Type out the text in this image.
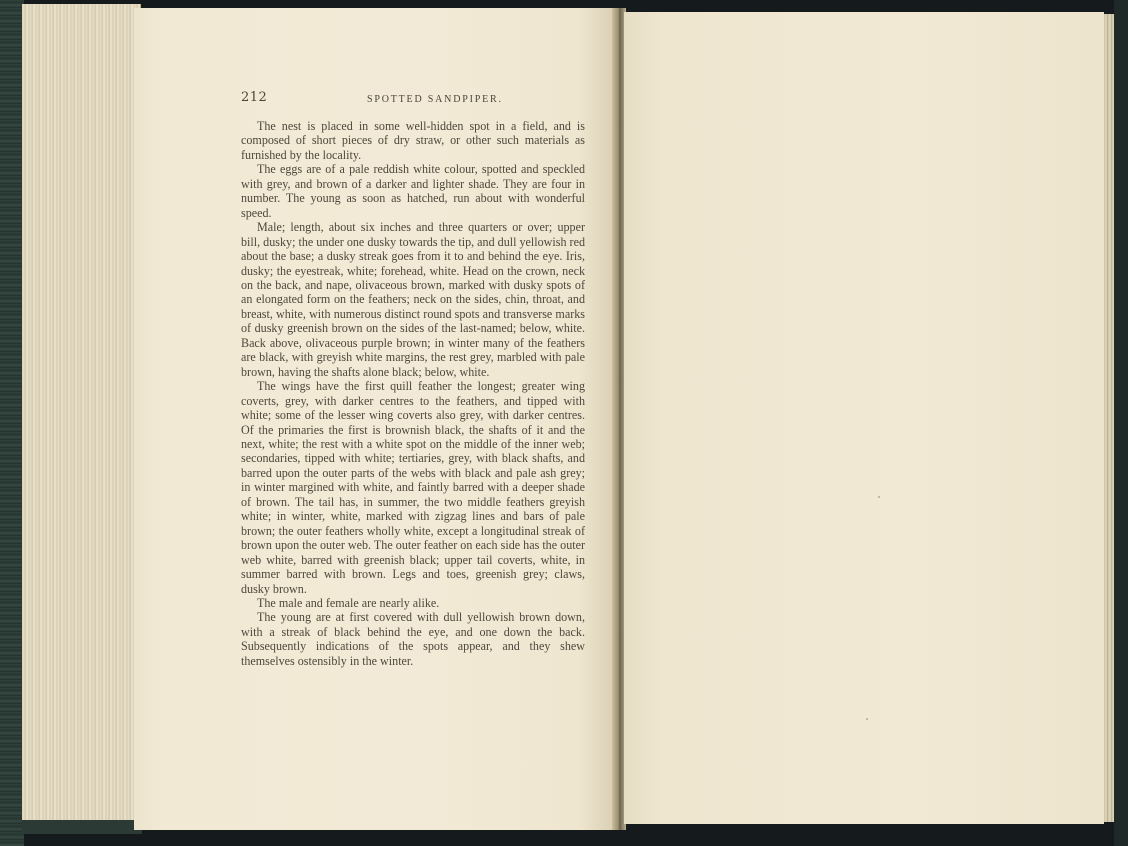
212	SPOTTED SANDPIPER.

The nest is placed in some well-hidden spot in a field, and is composed of short pieces of dry straw, or other such materials as furnished by the locality.

The eggs are of a pale reddish white colour, spotted and speckled with grey, and brown of a darker and lighter shade. They are four in number. The young as soon as hatched, run about with wonderful speed.

Male; length, about six inches and three quarters or over; upper bill, dusky; the under one dusky towards the tip, and dull yellowish red about the base; a dusky streak goes from it to and behind the eye. Iris, dusky; the eyestreak, white; forehead, white. Head on the crown, neck on the back, and nape, olivaceous brown, marked with dusky spots of an elongated form on the feathers; neck on the sides, chin, throat, and breast, white, with numerous distinct round spots and transverse marks of dusky greenish brown on the sides of the last-named; below, white. Back above, olivaceous purple brown; in winter many of the feathers are black, with greyish white margins, the rest grey, marbled with pale brown, having the shafts alone black; below, white.

The wings have the first quill feather the longest; greater wing coverts, grey, with darker centres to the feathers, and tipped with white; some of the lesser wing coverts also grey, with darker centres. Of the primaries the first is brownish black, the shafts of it and the next, white; the rest with a white spot on the middle of the inner web; secondaries, tipped with white; tertiaries, grey, with black shafts, and barred upon the outer parts of the webs with black and pale ash grey; in winter margined with white, and faintly barred with a deeper shade of brown. The tail has, in summer, the two middle feathers greyish white; in winter, white, marked with zigzag lines and bars of pale brown; the outer feathers wholly white, except a longitudinal streak of brown upon the outer web. The outer feather on each side has the outer web white, barred with greenish black; upper tail coverts, white, in summer barred with brown. Legs and toes, greenish grey; claws, dusky brown.

The male and female are nearly alike.

The young are at first covered with dull yellowish brown down, with a streak of black behind the eye, and one down the back. Subsequently indications of the spots appear, and they shew themselves ostensibly in the winter.
